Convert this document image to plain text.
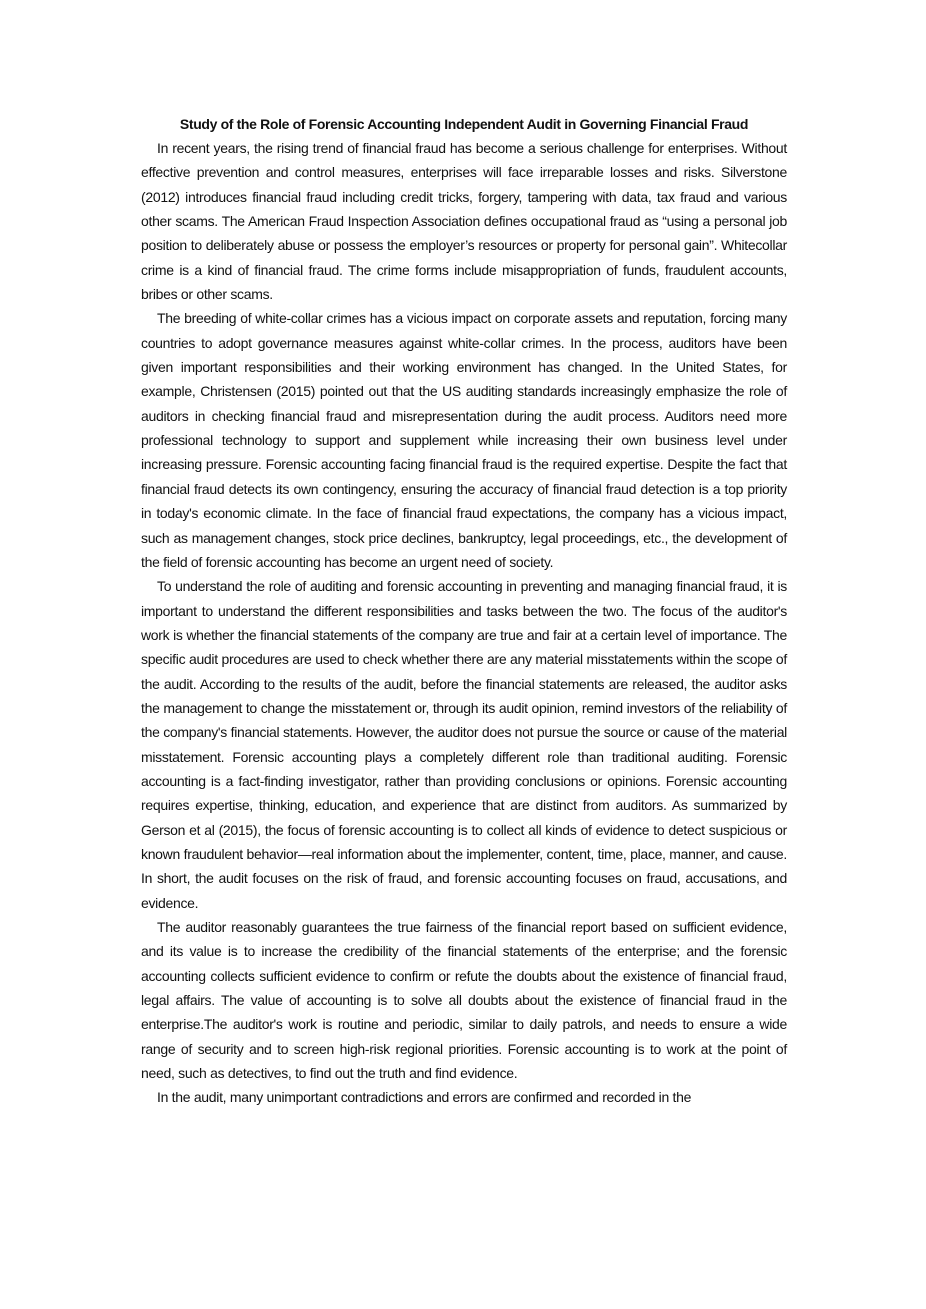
Study of the Role of Forensic Accounting Independent Audit in Governing Financial Fraud

In recent years, the rising trend of financial fraud has become a serious challenge for enterprises. Without effective prevention and control measures, enterprises will face irreparable losses and risks. Silverstone (2012) introduces financial fraud including credit tricks, forgery, tampering with data, tax fraud and various other scams. The American Fraud Inspection Association defines occupational fraud as “using a personal job position to deliberately abuse or possess the employer’s resources or property for personal gain”. Whitecollar crime is a kind of financial fraud. The crime forms include misappropriation of funds, fraudulent accounts, bribes or other scams.

The breeding of white-collar crimes has a vicious impact on corporate assets and reputation, forcing many countries to adopt governance measures against white-collar crimes. In the process, auditors have been given important responsibilities and their working environment has changed. In the United States, for example, Christensen (2015) pointed out that the US auditing standards increasingly emphasize the role of auditors in checking financial fraud and misrepresentation during the audit process. Auditors need more professional technology to support and supplement while increasing their own business level under increasing pressure. Forensic accounting facing financial fraud is the required expertise. Despite the fact that financial fraud detects its own contingency, ensuring the accuracy of financial fraud detection is a top priority in today's economic climate. In the face of financial fraud expectations, the company has a vicious impact, such as management changes, stock price declines, bankruptcy, legal proceedings, etc., the development of the field of forensic accounting has become an urgent need of society.

To understand the role of auditing and forensic accounting in preventing and managing financial fraud, it is important to understand the different responsibilities and tasks between the two. The focus of the auditor's work is whether the financial statements of the company are true and fair at a certain level of importance. The specific audit procedures are used to check whether there are any material misstatements within the scope of the audit. According to the results of the audit, before the financial statements are released, the auditor asks the management to change the misstatement or, through its audit opinion, remind investors of the reliability of the company's financial statements. However, the auditor does not pursue the source or cause of the material misstatement. Forensic accounting plays a completely different role than traditional auditing. Forensic accounting is a fact-finding investigator, rather than providing conclusions or opinions. Forensic accounting requires expertise, thinking, education, and experience that are distinct from auditors. As summarized by Gerson et al (2015), the focus of forensic accounting is to collect all kinds of evidence to detect suspicious or known fraudulent behavior—real information about the implementer, content, time, place, manner, and cause. In short, the audit focuses on the risk of fraud, and forensic accounting focuses on fraud, accusations, and evidence.

The auditor reasonably guarantees the true fairness of the financial report based on sufficient evidence, and its value is to increase the credibility of the financial statements of the enterprise; and the forensic accounting collects sufficient evidence to confirm or refute the doubts about the existence of financial fraud, legal affairs. The value of accounting is to solve all doubts about the existence of financial fraud in the enterprise.The auditor's work is routine and periodic, similar to daily patrols, and needs to ensure a wide range of security and to screen high-risk regional priorities. Forensic accounting is to work at the point of need, such as detectives, to find out the truth and find evidence.

In the audit, many unimportant contradictions and errors are confirmed and recorded in the
